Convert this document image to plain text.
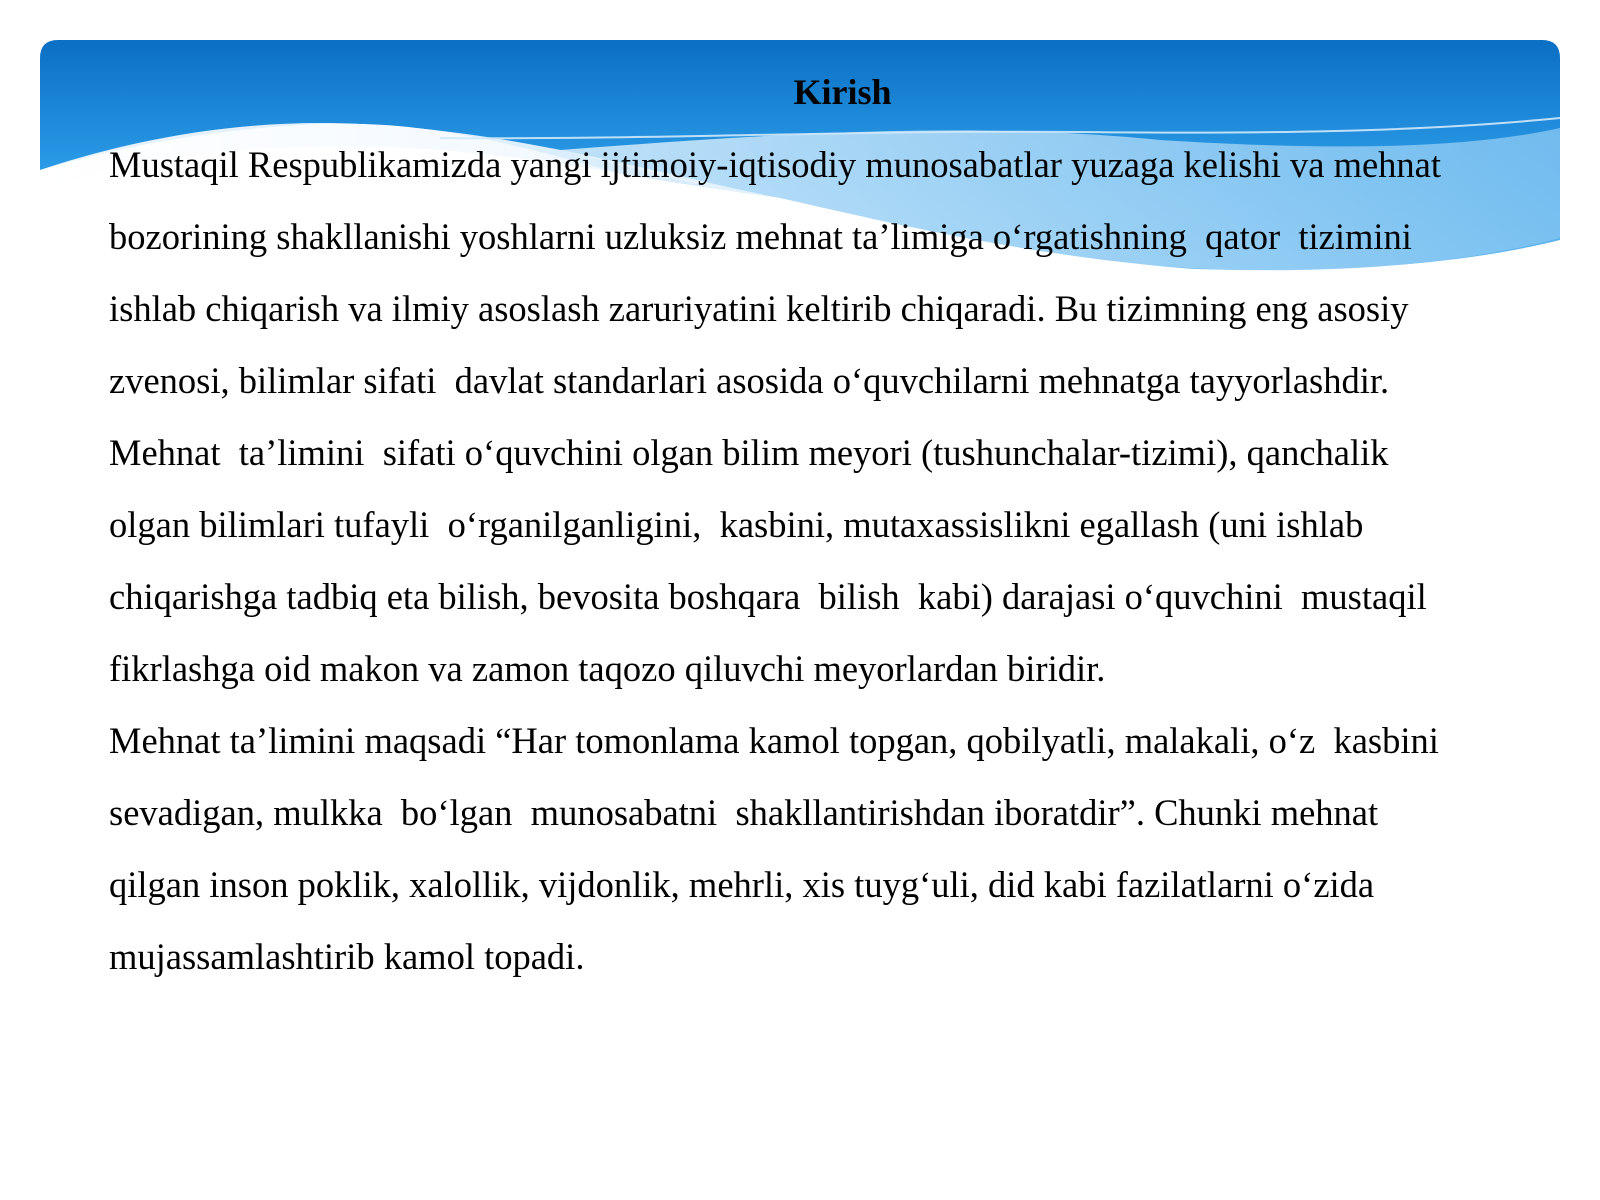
Kirish
Mustaqil Respublikamizda yangi ijtimoiy-iqtisodiy munosabatlar yuzaga kelishi va mehnat
bozorining shakllanishi yoshlarni uzluksiz mehnat ta’limiga o‘rgatishning  qator  tizimini
ishlab chiqarish va ilmiy asoslash zaruriyatini keltirib chiqaradi. Bu tizimning eng asosiy
zvenosi, bilimlar sifati  davlat standarlari asosida o‘quvchilarni mehnatga tayyorlashdir.
Mehnat  ta’limini  sifati o‘quvchini olgan bilim meyori (tushunchalar-tizimi), qanchalik
olgan bilimlari tufayli  o‘rganilganligini,  kasbini, mutaxassislikni egallash (uni ishlab
chiqarishga tadbiq eta bilish, bevosita boshqara  bilish  kabi) darajasi o‘quvchini  mustaqil
fikrlashga oid makon va zamon taqozo qiluvchi meyorlardan biridir.
Mehnat ta’limini maqsadi “Har tomonlama kamol topgan, qobilyatli, malakali, o‘z  kasbini
sevadigan, mulkka  bo‘lgan  munosabatni  shakllantirishdan iboratdir”. Chunki mehnat
qilgan inson poklik, xalollik, vijdonlik, mehrli, xis tuyg‘uli, did kabi fazilatlarni o‘zida
mujassamlashtirib kamol topadi.
